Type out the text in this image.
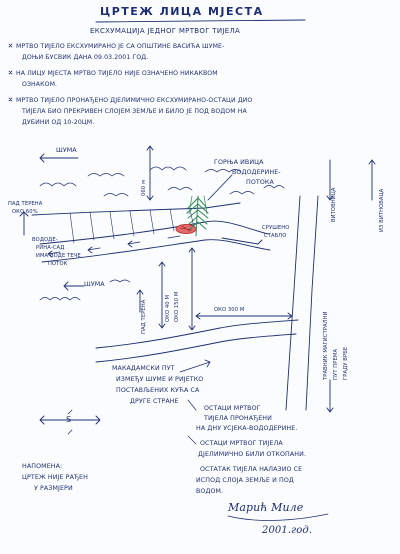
ЦРТЕЖ ЛИЦА МЈЕСТА
ЕКСХУМАЦИЈА ЈЕДНОГ МРТВОГ ТИЈЕЛА
МРТВО ТИЈЕЛО ЕКСХУМИРАНО ЈЕ СА ОПШТИНЕ ВАСИЋА ШУМЕ-
ДОЊИ БУСВИК ДАНА 09.03.2001 ГОД.
НА ЛИЦУ МЈЕСТА МРТВО ТИЈЕЛО НИЈЕ ОЗНАЧЕНО НИКАКВОМ
ОЗНАКОМ.
МРТВО ТИЈЕЛО ПРОНАЂЕНО ДЈЕЛИМИЧНО ЕКСХУМИРАНО-ОСТАЦИ ДИО
ТИЈЕЛА БИО ПРЕКРИВЕН СЛОЈЕМ ЗЕМЉЕ И БИЛО ЈЕ ПОД ВОДОМ НА
ДУБИНИ ОД 10-20ЦМ.
ШУМА
060 м
ПАД ТЕРЕНА
ОКО 60%
ГОРЊА ИВИЦА
ВОДОДЕРИНЕ-
ПОТОКА
ВОДОДЕ-
РИНА-САД
ИМА ВОДЕ ТЕЧЕ
ПОТОК
ШУМА
СРУШЕНО
СТАБЛО
ОКО 40 М ОКО 150 М
ПАД ТЕРЕНА	ОКО 300 М
ВИТОВНИЦА	ИЗ ВИТНОВАЦА
ТРАВНИК МАГИСТРАЛНИ ПУТ ПРЕМА ГРАДУ ВРБЕ
МАКАДАМСКИ ПУТ
ИЗМЕЂУ ШУМЕ И РИЈЕТКО
ПОСТАВЉЕНИХ КУЋА СА
ДРУГЕ СТРАНЕ
S
ОСТАЦИ МРТВОГ
ТИЈЕЛА ПРОНАЂЕНИ
НА ДНУ УСЈЕКА-ВОДОДЕРИНЕ.
ОСТАЦИ МРТВОГ ТИЈЕЛА
ДЈЕЛИМИЧНО БИЛИ ОТКОПАНИ.
ОСТАТАК ТИЈЕЛА НАЛАЗИО СЕ
ИСПОД СЛОЈА ЗЕМЉЕ И ПОД
ВОДОМ.
НАПОМЕНА:
ЦРТЕЖ НИЈЕ РАЂЕН
У РАЗМЈЕРИ
Марић Миле
2001.год.
